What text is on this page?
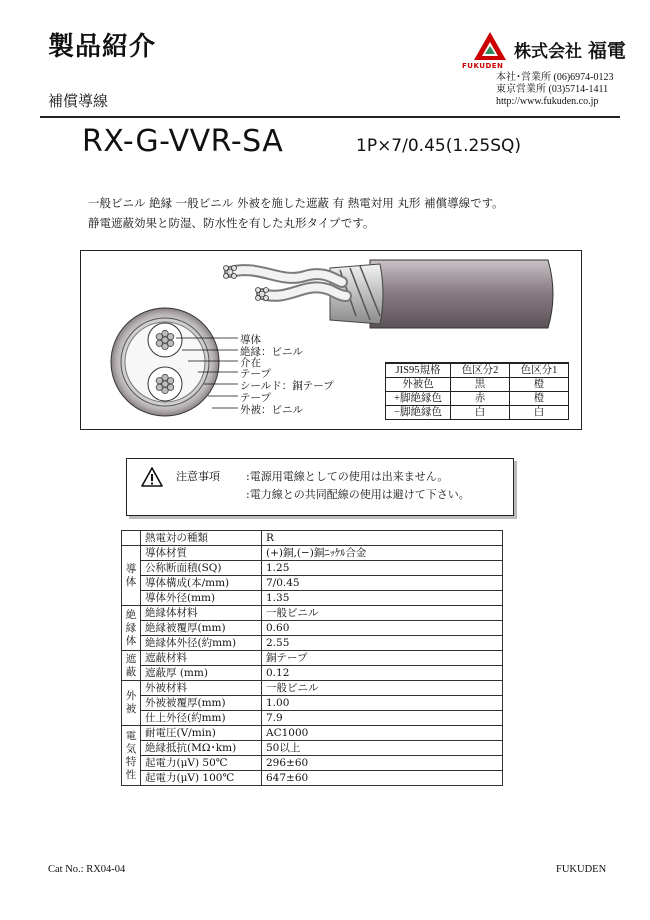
製品紹介
補償導線
FUKUDEN
株式会社 福電
本社･営業所 (06)6974-0123
東京営業所 (03)5714-1411
http://www.fukuden.co.jp
RX-G-VVR-SA	1P×7/0.45(1.25SQ)
一般ビニル 絶縁 一般ビニル 外被を施した遮蔽 有 熱電対用 丸形 補償導線です。
静電遮蔽効果と防湿、防水性を有した丸形タイプです。
導体
絶縁：ビニル
介在
テープ
シールド：銅テープ
テープ
外被：ビニル
JIS95規格	色区分2	色区分1
外被色	黒	橙
+脚絶縁色	赤	橙
−脚絶縁色	白	白
注意事項 :電源用電線としての使用は出来ません。
:電力線との共同配線の使用は避けて下さい。
	熱電対の種類	R
導体	導体材質	(+)銅,(−)銅ﾆｯｹﾙ合金
	公称断面積(SQ)	1.25
	導体構成(本/mm)	7/0.45
	導体外径(mm)	1.35
絶縁体	絶縁体材料	一般ビニル
	絶縁被覆厚(mm)	0.60
	絶縁体外径(約mm)	2.55
遮蔽	遮蔽材料	銅テープ
	遮蔽厚 (mm)	0.12
外被	外被材料	一般ビニル
	外被被覆厚(mm)	1.00
	仕上外径(約mm)	7.9
電気特性	耐電圧(V/min)	AC1000
	絶縁抵抗(MΩ･km)	50以上
	起電力(μV) 50℃	296±60
	起電力(μV) 100℃	647±60
Cat No.: RX04-04	FUKUDEN
